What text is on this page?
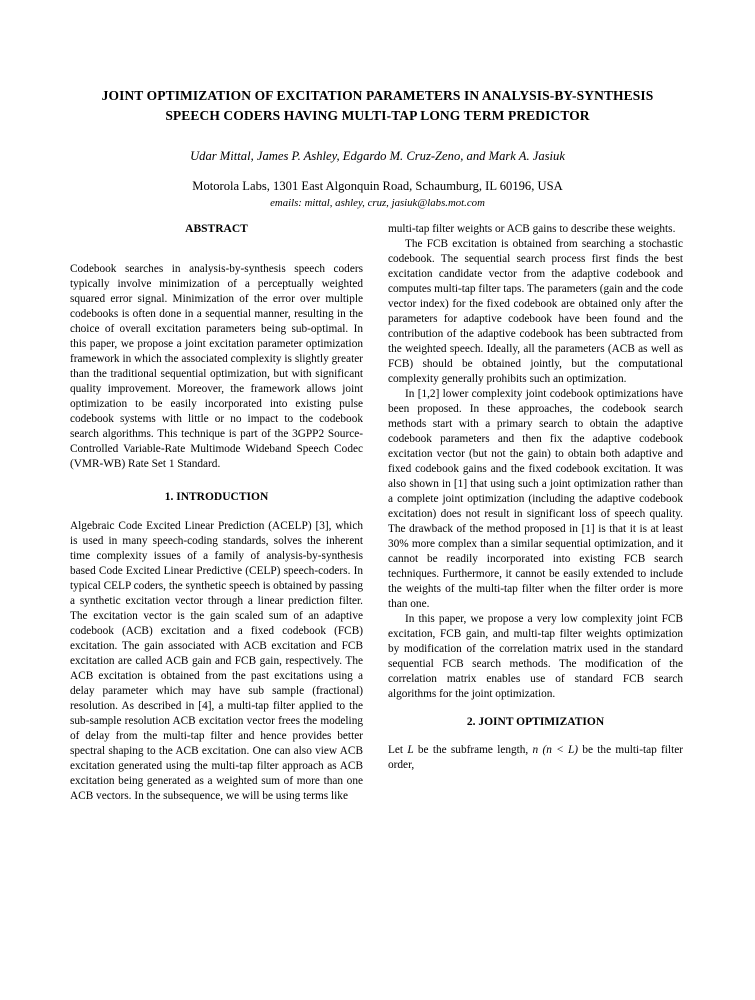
JOINT OPTIMIZATION OF EXCITATION PARAMETERS IN ANALYSIS-BY-SYNTHESIS
SPEECH CODERS HAVING MULTI-TAP LONG TERM PREDICTOR
Udar Mittal, James P. Ashley, Edgardo M. Cruz-Zeno, and Mark A. Jasiuk
Motorola Labs, 1301 East Algonquin Road, Schaumburg, IL 60196, USA
emails: mittal, ashley, cruz, jasiuk@labs.mot.com
ABSTRACT

Codebook searches in analysis-by-synthesis speech coders typically involve minimization of a perceptually weighted squared error signal. Minimization of the error over multiple codebooks is often done in a sequential manner, resulting in the choice of overall excitation parameters being sub-optimal. In this paper, we propose a joint excitation parameter optimization framework in which the associated complexity is slightly greater than the traditional sequential optimization, but with significant quality improvement. Moreover, the framework allows joint optimization to be easily incorporated into existing pulse codebook systems with little or no impact to the codebook search algorithms. This technique is part of the 3GPP2 Source-Controlled Variable-Rate Multimode Wideband Speech Codec (VMR-WB) Rate Set 1 Standard.

1. INTRODUCTION

Algebraic Code Excited Linear Prediction (ACELP) [3], which is used in many speech-coding standards, solves the inherent time complexity issues of a family of analysis-by-synthesis based Code Excited Linear Predictive (CELP) speech-coders. In typical CELP coders, the synthetic speech is obtained by passing a synthetic excitation vector through a linear prediction filter. The excitation vector is the gain scaled sum of an adaptive codebook (ACB) excitation and a fixed codebook (FCB) excitation. The gain associated with ACB excitation and FCB excitation are called ACB gain and FCB gain, respectively. The ACB excitation is obtained from the past excitations using a delay parameter which may have sub sample (fractional) resolution. As described in [4], a multi-tap filter applied to the sub-sample resolution ACB excitation vector frees the modeling of delay from the multi-tap filter and hence provides better spectral shaping to the ACB excitation. One can also view ACB excitation generated using the multi-tap filter approach as ACB excitation being generated as a weighted sum of more than one ACB vectors. In the subsequence, we will be using terms like

multi-tap filter weights or ACB gains to describe these weights.

The FCB excitation is obtained from searching a stochastic codebook. The sequential search process first finds the best excitation candidate vector from the adaptive codebook and computes multi-tap filter taps. The parameters (gain and the code vector index) for the fixed codebook are obtained only after the parameters for adaptive codebook have been found and the contribution of the adaptive codebook has been subtracted from the weighted speech. Ideally, all the parameters (ACB as well as FCB) should be obtained jointly, but the computational complexity generally prohibits such an optimization.

In [1,2] lower complexity joint codebook optimizations have been proposed. In these approaches, the codebook search methods start with a primary search to obtain the adaptive codebook parameters and then fix the adaptive codebook excitation vector (but not the gain) to obtain both adaptive and fixed codebook gains and the fixed codebook excitation. It was also shown in [1] that using such a joint optimization rather than a complete joint optimization (including the adaptive codebook excitation) does not result in significant loss of speech quality. The drawback of the method proposed in [1] is that it is at least 30% more complex than a similar sequential optimization, and it cannot be readily incorporated into existing FCB search techniques. Furthermore, it cannot be easily extended to include the weights of the multi-tap filter when the filter order is more than one.

In this paper, we propose a very low complexity joint FCB excitation, FCB gain, and multi-tap filter weights optimization by modification of the correlation matrix used in the standard sequential FCB search methods. The modification of the correlation matrix enables use of standard FCB search algorithms for the joint optimization.

2. JOINT OPTIMIZATION

Let L be the subframe length, n (n < L) be the multi-tap filter order,
